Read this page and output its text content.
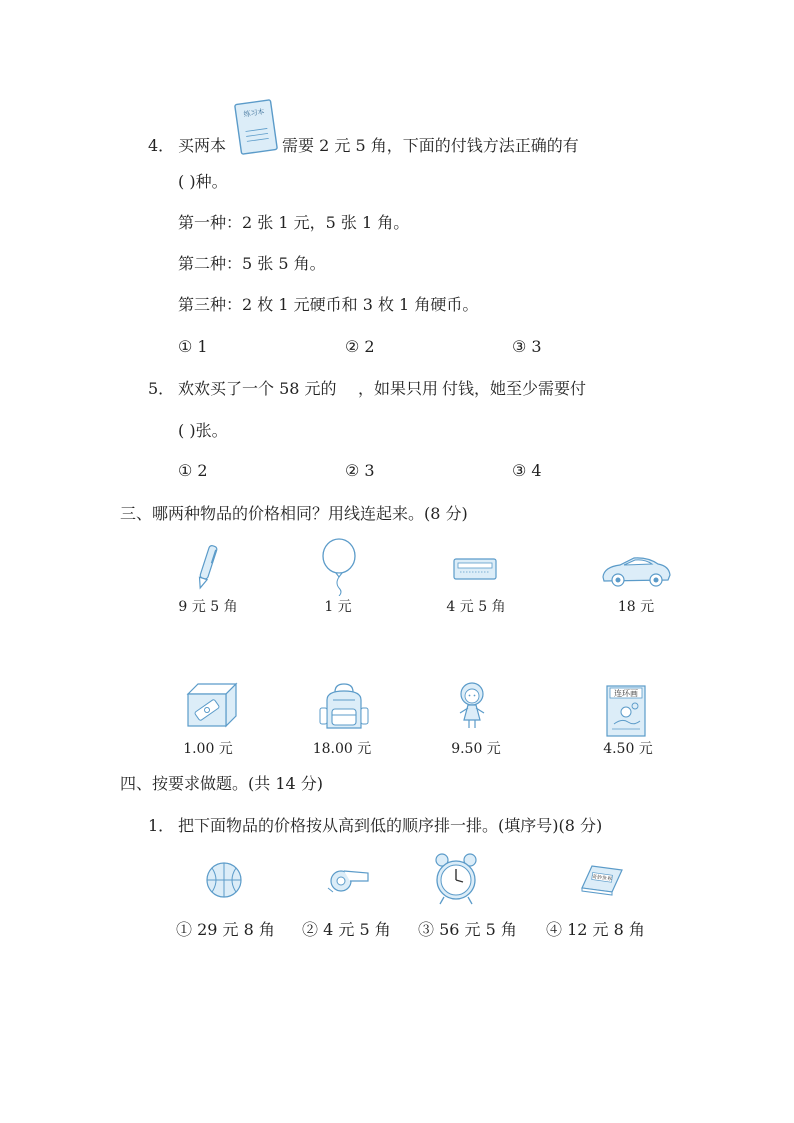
4． 买两本
练习本
需要 2 元 5 角，下面的付钱方法正确的有
( )种。
第一种：2 张 1 元，5 张 1 角。
第二种：5 张 5 角。
第三种：2 枚 1 元硬币和 3 枚 1 角硬币。
① 1	② 2	③ 3
5． 欢欢买了一个 58 元的 ，如果只用 付钱，她至少需要付
( )张。
① 2	② 3	③ 4
三、哪两种物品的价格相同？用线连起来。(8 分)
9 元 5 角	1 元	4 元 5 角	18 元
连环画
1.00 元	18.00 元	9.50 元	4.50 元
四、按要求做题。(共 14 分)
1． 把下面物品的价格按从高到低的顺序排一排。(填序号)(8 分)
奇妙世界
① 29 元 8 角 ② 4 元 5 角 ③ 56 元 5 角 ④ 12 元 8 角
